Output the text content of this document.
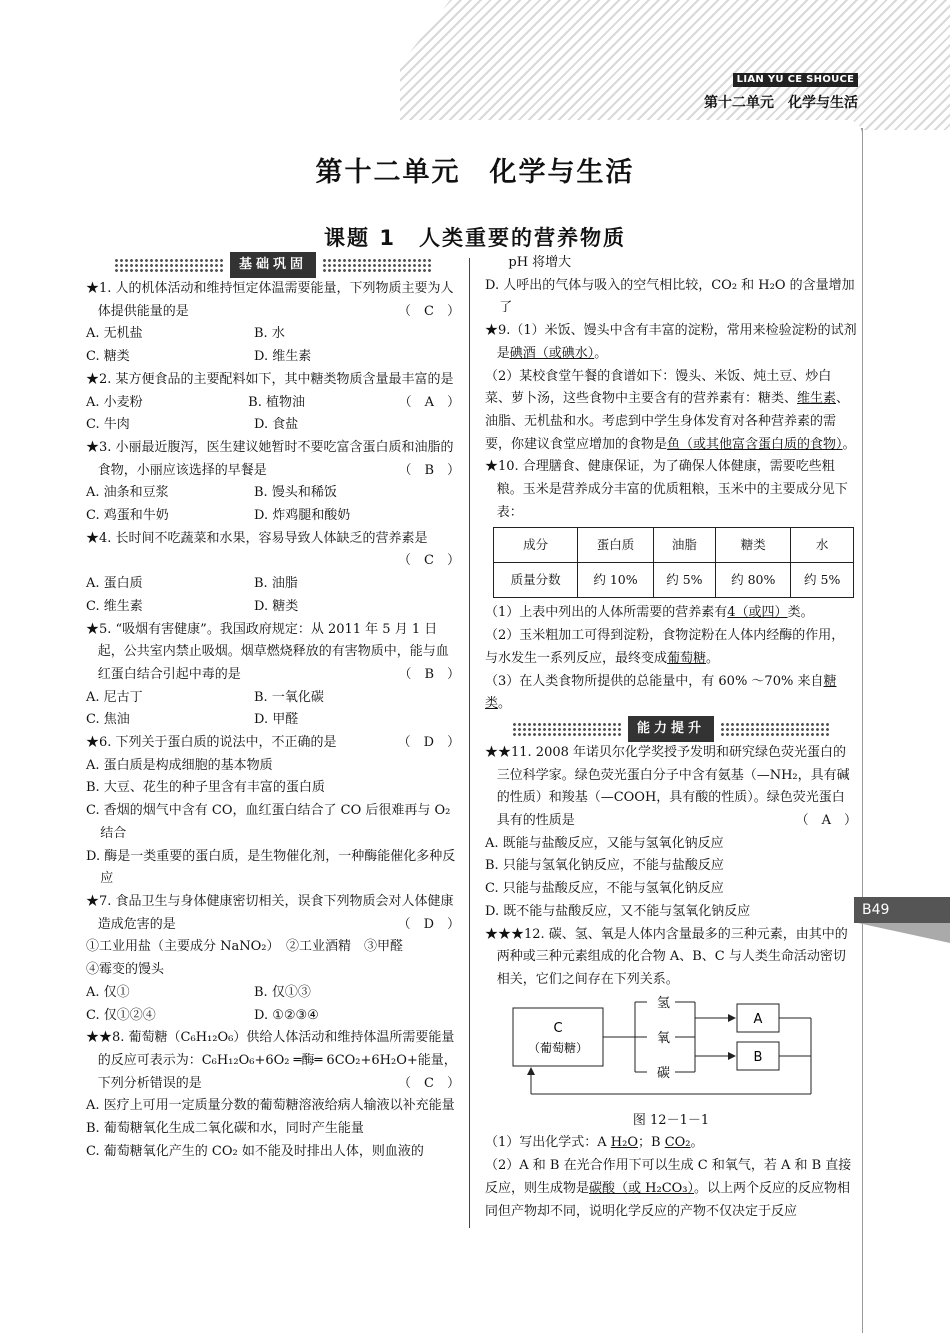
LIAN YU CE SHOUCE
第十二单元　化学与生活
第十二单元　化学与生活
课题 1　人类重要的营养物质
B49
基础巩固

★1. 人的机体活动和维持恒定体温需要能量，下列物质主要为人体提供能量的是	（　C　）

A. 无机盐	B. 水
C. 糖类	D. 维生素

★2. 某方便食品的主要配料如下，其中糖类物质含量最丰富的是
（　A　）

A. 小麦粉	B. 植物油
C. 牛肉	D. 食盐

★3. 小丽最近腹泻，医生建议她暂时不要吃富含蛋白质和油脂的食物，小丽应该选择的早餐是	（　B　）

A. 油条和豆浆	B. 馒头和稀饭
C. 鸡蛋和牛奶	D. 炸鸡腿和酸奶

★4. 长时间不吃蔬菜和水果，容易导致人体缺乏的营养素是

（　C　）

A. 蛋白质	B. 油脂
C. 维生素	D. 糖类

★5. “吸烟有害健康”。我国政府规定：从 2011 年 5 月 1 日起，公共室内禁止吸烟。烟草燃烧释放的有害物质中，能与血红蛋白结合引起中毒的是	（　B　）

A. 尼古丁	B. 一氧化碳
C. 焦油	D. 甲醛

★6. 下列关于蛋白质的说法中，不正确的是	（　D　）

A. 蛋白质是构成细胞的基本物质

B. 大豆、花生的种子里含有丰富的蛋白质

C. 香烟的烟气中含有 CO，血红蛋白结合了 CO 后很难再与 O₂ 结合

D. 酶是一类重要的蛋白质，是生物催化剂，一种酶能催化多种反应

★7. 食品卫生与身体健康密切相关，误食下列物质会对人体健康造成危害的是	（　D　）

①工业用盐（主要成分 NaNO₂）　②工业酒精　③甲醛

④霉变的馒头

A. 仅①	B. 仅①③
C. 仅①②④	D. ①②③④

★★8. 葡萄糖（C₆H₁₂O₆）供给人体活动和维持体温所需要能量的反应可表示为：C₆H₁₂O₆+6O₂ ═酶═ 6CO₂+6H₂O+能量，下列分析错误的是	（　C　）

A. 医疗上可用一定质量分数的葡萄糖溶液给病人输液以补充能量

B. 葡萄糖氧化生成二氧化碳和水，同时产生能量

C. 葡萄糖氧化产生的 CO₂ 如不能及时排出人体，则血液的

pH 将增大

D. 人呼出的气体与吸入的空气相比较，CO₂ 和 H₂O 的含量增加了

★9.（1）米饭、馒头中含有丰富的淀粉，常用来检验淀粉的试剂是碘酒（或碘水）。

（2）某校食堂午餐的食谱如下：馒头、米饭、炖土豆、炒白菜、萝卜汤，这些食物中主要含有的营养素有：糖类、维生素、油脂、无机盐和水。考虑到中学生身体发育对各种营养素的需要，你建议食堂应增加的食物是鱼（或其他富含蛋白质的食物）。

★10. 合理膳食、健康保证，为了确保人体健康，需要吃些粗粮。玉米是营养成分丰富的优质粗粮，玉米中的主要成分见下表：

成分	蛋白质	油脂	糖类	水
质量分数	约 10%	约 5%	约 80%	约 5%

（1）上表中列出的人体所需要的营养素有4（或四）类。

（2）玉米粗加工可得到淀粉，食物淀粉在人体内经酶的作用，与水发生一系列反应，最终变成葡萄糖。

（3）在人类食物所提供的总能量中，有 60% ～70% 来自糖类。

能力提升

★★11. 2008 年诺贝尔化学奖授予发明和研究绿色荧光蛋白的三位科学家。绿色荧光蛋白分子中含有氨基（—NH₂，具有碱的性质）和羧基（—COOH，具有酸的性质）。绿色荧光蛋白具有的性质是	（　A　）

A. 既能与盐酸反应，又能与氢氧化钠反应

B. 只能与氢氧化钠反应，不能与盐酸反应

C. 只能与盐酸反应，不能与氢氧化钠反应

D. 既不能与盐酸反应，又不能与氢氧化钠反应

★★★12. 碳、氢、氧是人体内含量最多的三种元素，由其中的两种或三种元素组成的化合物 A、B、C 与人类生命活动密切相关，它们之间存在下列关系。

C
（葡萄糖）
氢
氧
碳
A
B

图 12－1－1

（1）写出化学式：A H₂O；B CO₂。

（2）A 和 B 在光合作用下可以生成 C 和氧气，若 A 和 B 直接反应，则生成物是碳酸（或 H₂CO₃）。以上两个反应的反应物相同但产物却不同，说明化学反应的产物不仅决定于反应
